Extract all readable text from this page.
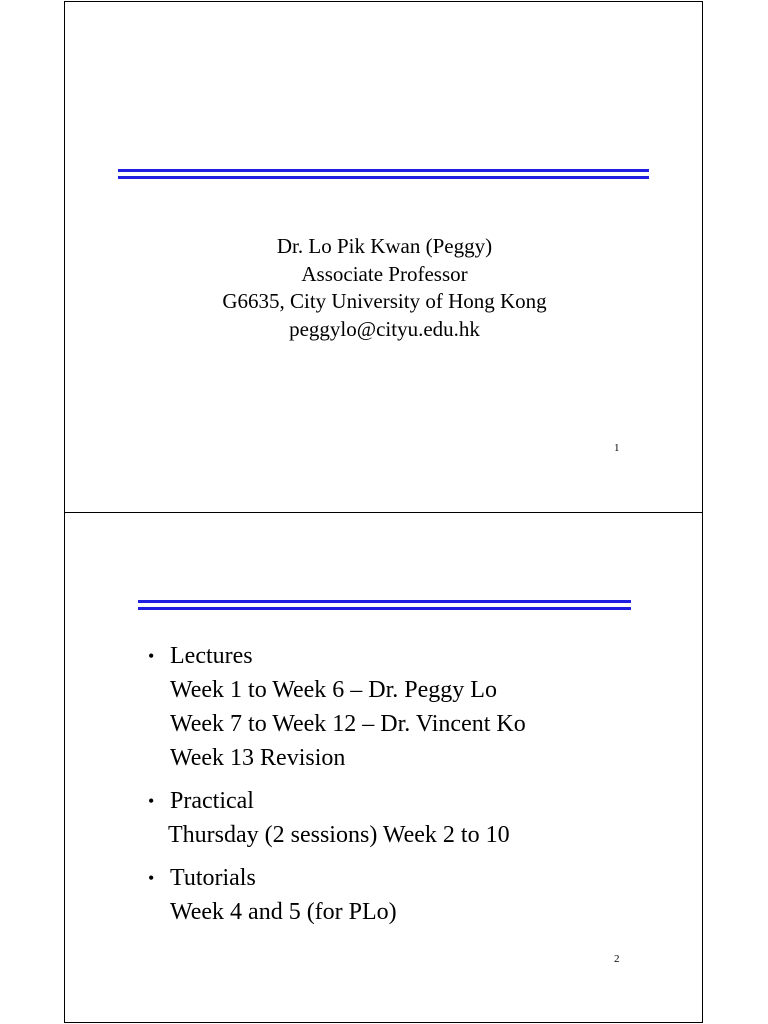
Dr. Lo Pik Kwan (Peggy)
Associate Professor
G6635, City University of Hong Kong
peggylo@cityu.edu.hk
1
• Lectures
Week 1 to Week 6 – Dr. Peggy Lo
Week 7 to Week 12 – Dr. Vincent Ko
Week 13 Revision
• Practical
Thursday (2 sessions) Week 2 to 10
• Tutorials
Week 4 and 5 (for PLo)
2
